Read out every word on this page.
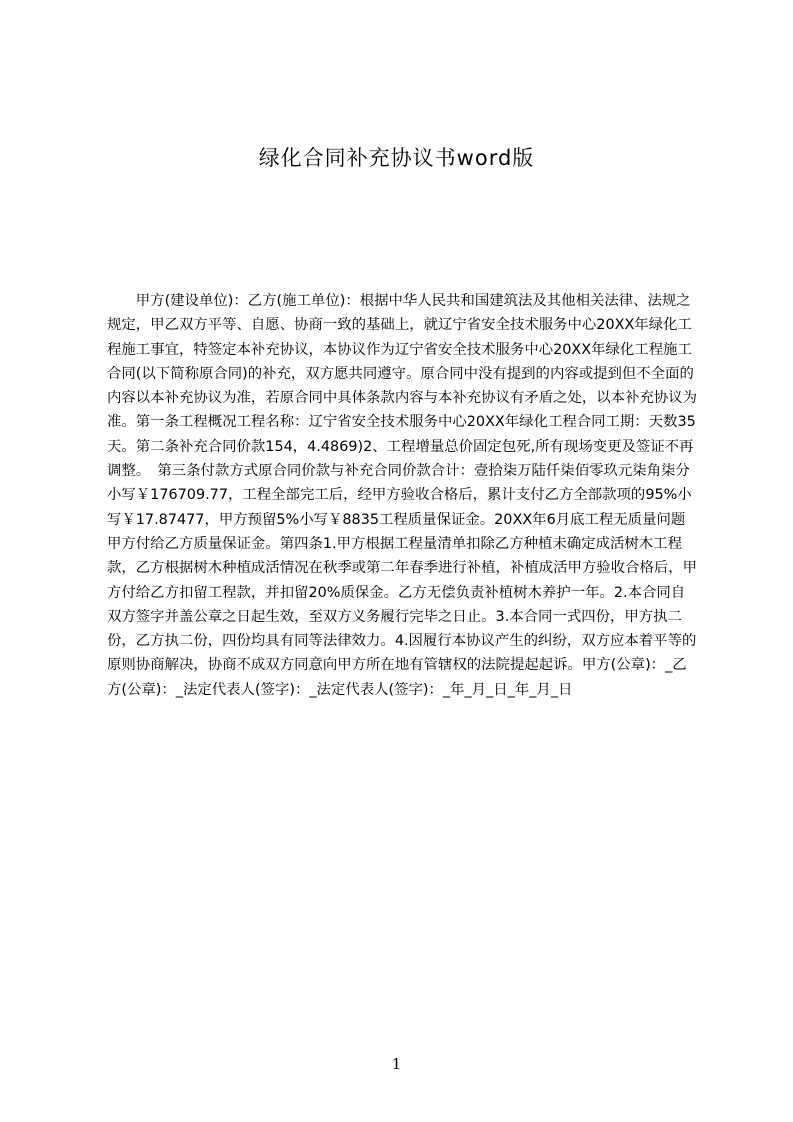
绿化合同补充协议书word版

　　甲方(建设单位)：乙方(施工单位)：根据中华人民共和国建筑法及其他相关法律、法规之规定，甲乙双方平等、自愿、协商一致的基础上，就辽宁省安全技术服务中心20XX年绿化工程施工事宜，特签定本补充协议，本协议作为辽宁省安全技术服务中心20XX年绿化工程施工合同(以下简称原合同)的补充，双方愿共同遵守。原合同中没有提到的内容或提到但不全面的内容以本补充协议为准，若原合同中具体条款内容与本补充协议有矛盾之处，以本补充协议为准。第一条工程概况工程名称：辽宁省安全技术服务中心20XX年绿化工程合同工期：天数35天。第二条补充合同价款154，4.4869)2、工程增量总价固定包死,所有现场变更及签证不再调整。　第三条付款方式原合同价款与补充合同价款合计：壹拾柒万陆仟柒佰零玖元柒角柒分小写￥176709.77，工程全部完工后，经甲方验收合格后，累计支付乙方全部款项的95%小写￥17.87477，甲方预留5%小写￥8835工程质量保证金。20XX年6月底工程无质量问题甲方付给乙方质量保证金。第四条1.甲方根据工程量清单扣除乙方种植未确定成活树木工程款，乙方根据树木种植成活情况在秋季或第二年春季进行补植，补植成活甲方验收合格后，甲方付给乙方扣留工程款，并扣留20%质保金。乙方无偿负责补植树木养护一年。2.本合同自双方签字并盖公章之日起生效，至双方义务履行完毕之日止。3.本合同一式四份，甲方执二份，乙方执二份，四份均具有同等法律效力。4.因履行本协议产生的纠纷，双方应本着平等的原则协商解决，协商不成双方同意向甲方所在地有管辖权的法院提起起诉。甲方(公章)：_乙方(公章)：_法定代表人(签字)：_法定代表人(签字)：_年_月_日_年_月_日

1
